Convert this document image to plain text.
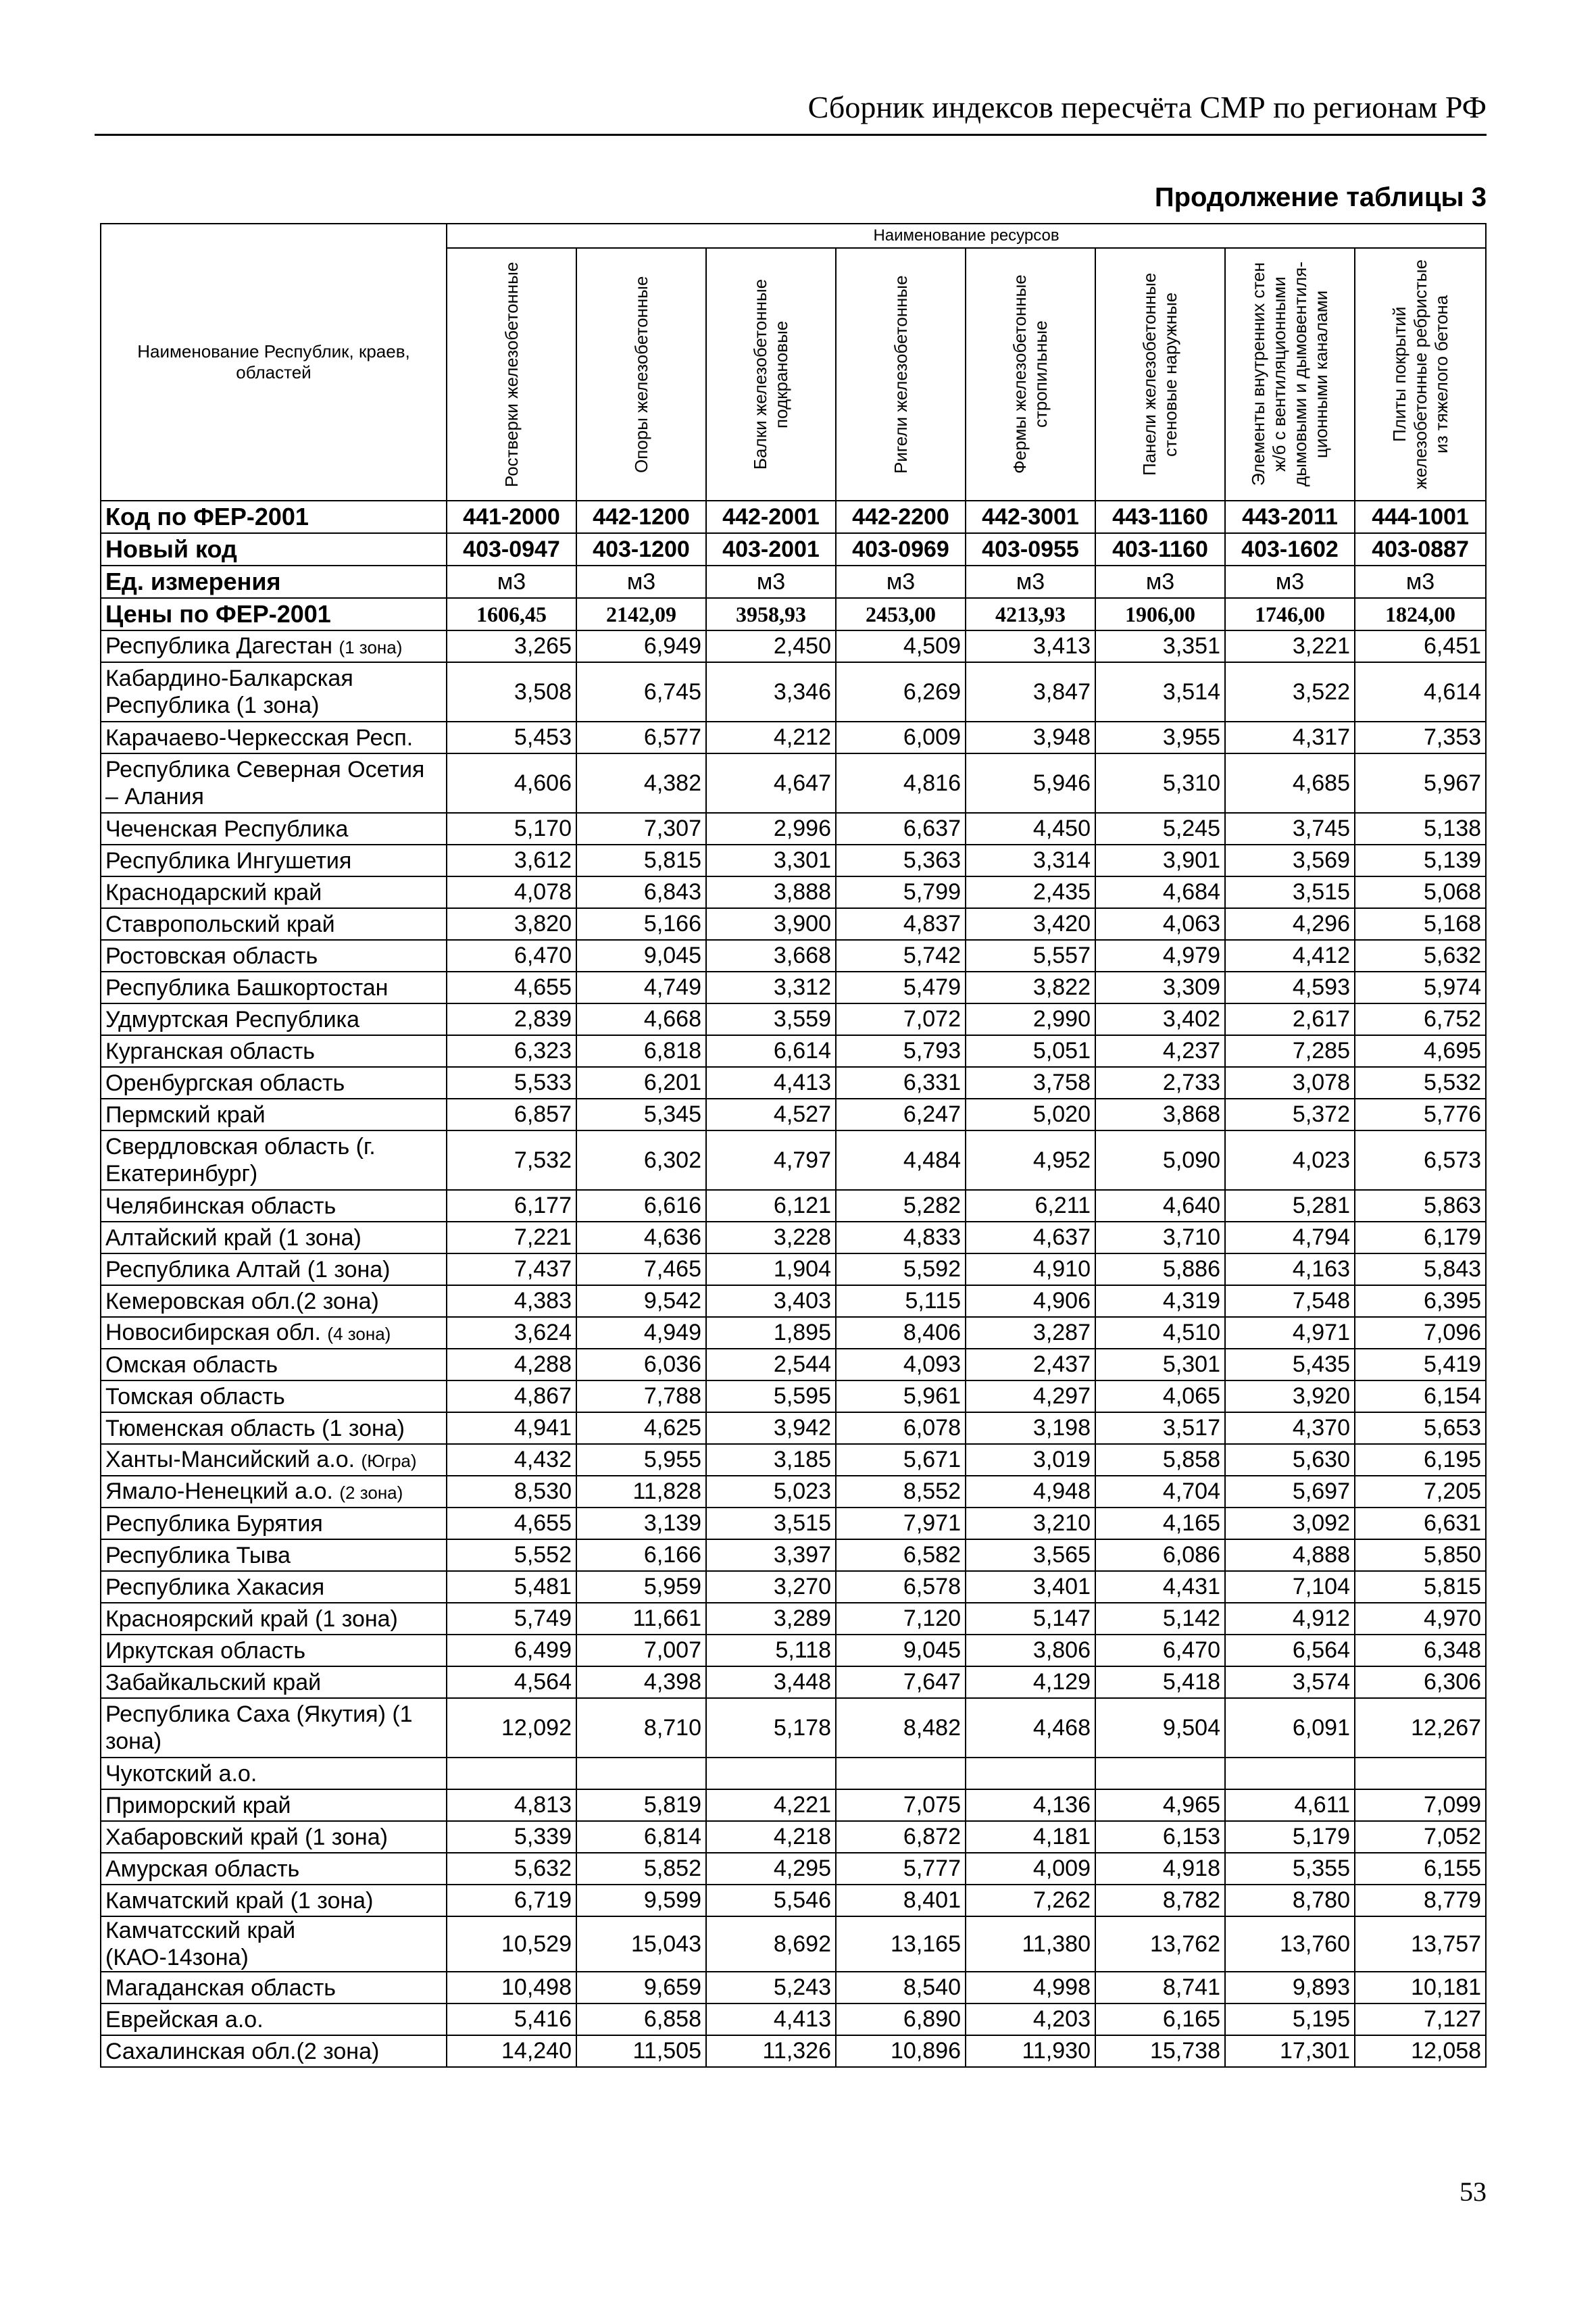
Сборник индексов пересчёта СМР по регионам РФ
Продолжение таблицы 3
Наименование Республик, краев, областей	Наименование ресурсов							

	Ростверки железобетонные	Опоры железобетонные	Балки железобетонные подкрановые	Ригели железобетонные	Фермы железобетонные стропильные	Панели железобетонные стеновые наружные	Элементы внутренних стен ж/б с вентиляционными дымовыми и дымовентиля-ционными каналами	Плиты покрытий железобетонные ребристые из тяжелого бетона

Код по ФЕР-2001	441-2000	442-1200	442-2001	442-2200	442-3001	443-1160	443-2011	444-1001
Новый код	403-0947	403-1200	403-2001	403-0969	403-0955	403-1160	403-1602	403-0887
Ед. измерения	м3	м3	м3	м3	м3	м3	м3	м3
Цены по ФЕР-2001	1606,45	2142,09	3958,93	2453,00	4213,93	1906,00	1746,00	1824,00
Республика Дагестан (1 зона)	3,265	6,949	2,450	4,509	3,413	3,351	3,221	6,451
Кабардино-Балкарская Республика (1 зона)	3,508	6,745	3,346	6,269	3,847	3,514	3,522	4,614
Карачаево-Черкесская Респ.	5,453	6,577	4,212	6,009	3,948	3,955	4,317	7,353
Республика Северная Осетия – Алания	4,606	4,382	4,647	4,816	5,946	5,310	4,685	5,967
Чеченская Республика	5,170	7,307	2,996	6,637	4,450	5,245	3,745	5,138
Республика Ингушетия	3,612	5,815	3,301	5,363	3,314	3,901	3,569	5,139
Краснодарский край	4,078	6,843	3,888	5,799	2,435	4,684	3,515	5,068
Ставропольский край	3,820	5,166	3,900	4,837	3,420	4,063	4,296	5,168
Ростовская область	6,470	9,045	3,668	5,742	5,557	4,979	4,412	5,632
Республика Башкортостан	4,655	4,749	3,312	5,479	3,822	3,309	4,593	5,974
Удмуртская Республика	2,839	4,668	3,559	7,072	2,990	3,402	2,617	6,752
Курганская область	6,323	6,818	6,614	5,793	5,051	4,237	7,285	4,695
Оренбургская область	5,533	6,201	4,413	6,331	3,758	2,733	3,078	5,532
Пермский край	6,857	5,345	4,527	6,247	5,020	3,868	5,372	5,776
Свердловская область (г. Екатеринбург)	7,532	6,302	4,797	4,484	4,952	5,090	4,023	6,573
Челябинская область	6,177	6,616	6,121	5,282	6,211	4,640	5,281	5,863
Алтайский край (1 зона)	7,221	4,636	3,228	4,833	4,637	3,710	4,794	6,179
Республика Алтай (1 зона)	7,437	7,465	1,904	5,592	4,910	5,886	4,163	5,843
Кемеровская обл.(2 зона)	4,383	9,542	3,403	5,115	4,906	4,319	7,548	6,395
Новосибирская обл. (4 зона)	3,624	4,949	1,895	8,406	3,287	4,510	4,971	7,096
Омская область	4,288	6,036	2,544	4,093	2,437	5,301	5,435	5,419
Томская область	4,867	7,788	5,595	5,961	4,297	4,065	3,920	6,154
Тюменская область (1 зона)	4,941	4,625	3,942	6,078	3,198	3,517	4,370	5,653
Ханты-Мансийский а.о. (Югра)	4,432	5,955	3,185	5,671	3,019	5,858	5,630	6,195
Ямало-Ненецкий а.о. (2 зона)	8,530	11,828	5,023	8,552	4,948	4,704	5,697	7,205
Республика Бурятия	4,655	3,139	3,515	7,971	3,210	4,165	3,092	6,631
Республика Тыва	5,552	6,166	3,397	6,582	3,565	6,086	4,888	5,850
Республика Хакасия	5,481	5,959	3,270	6,578	3,401	4,431	7,104	5,815
Красноярский край (1 зона)	5,749	11,661	3,289	7,120	5,147	5,142	4,912	4,970
Иркутская область	6,499	7,007	5,118	9,045	3,806	6,470	6,564	6,348
Забайкальский край	4,564	4,398	3,448	7,647	4,129	5,418	3,574	6,306
Республика Саха (Якутия) (1 зона)	12,092	8,710	5,178	8,482	4,468	9,504	6,091	12,267
Чукотский а.о.								
Приморский край	4,813	5,819	4,221	7,075	4,136	4,965	4,611	7,099
Хабаровский край (1 зона)	5,339	6,814	4,218	6,872	4,181	6,153	5,179	7,052
Амурская область	5,632	5,852	4,295	5,777	4,009	4,918	5,355	6,155
Камчатский край (1 зона)	6,719	9,599	5,546	8,401	7,262	8,782	8,780	8,779
Камчатсский край (КАО-14зона)	10,529	15,043	8,692	13,165	11,380	13,762	13,760	13,757
Магаданская область	10,498	9,659	5,243	8,540	4,998	8,741	9,893	10,181
Еврейская а.о.	5,416	6,858	4,413	6,890	4,203	6,165	5,195	7,127
Сахалинская обл.(2 зона)	14,240	11,505	11,326	10,896	11,930	15,738	17,301	12,058
53
